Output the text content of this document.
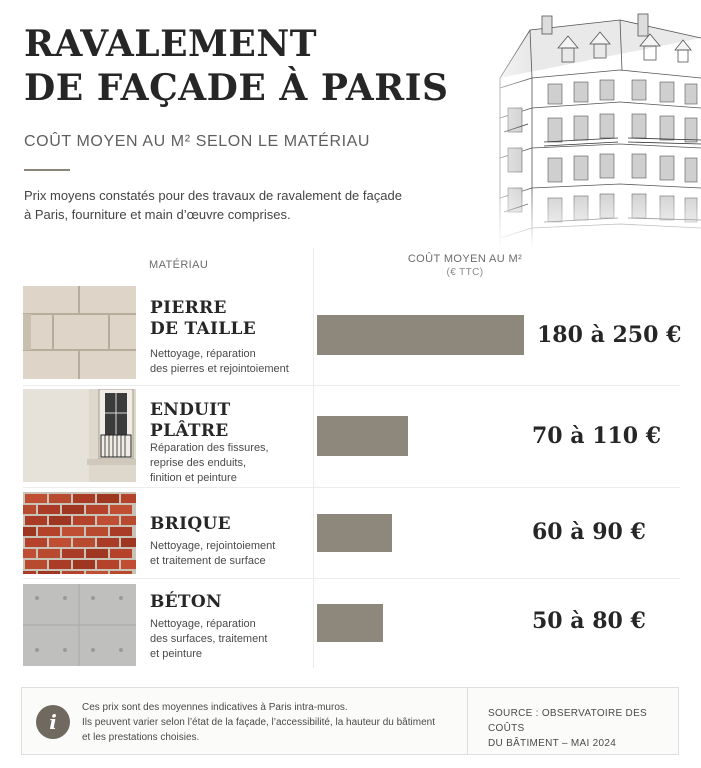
RAVALEMENT
DE FAÇADE À PARIS
COÛT MOYEN AU M² SELON LE MATÉRIAU
Prix moyens constatés pour des travaux de ravalement de façade à Paris, fourniture et main d’œuvre comprises.
MATÉRIAU	COÛT MOYEN AU M²
(€ TTC)
PIERRE
DE TAILLE
Nettoyage, réparation
des pierres et rejointoiement
180 à 250 €
ENDUIT
PLÂTRE
Réparation des fissures,
reprise des enduits,
finition et peinture
70 à 110 €
BRIQUE
Nettoyage, rejointoiement
et traitement de surface
60 à 90 €
BÉTON
Nettoyage, réparation
des surfaces, traitement
et peinture
50 à 80 €
i
Ces prix sont des moyennes indicatives à Paris intra-muros.
Ils peuvent varier selon l’état de la façade, l’accessibilité, la hauteur du bâtiment
et les prestations choisies.
SOURCE : OBSERVATOIRE DES COÛTS
DU BÂTIMENT – MAI 2024
